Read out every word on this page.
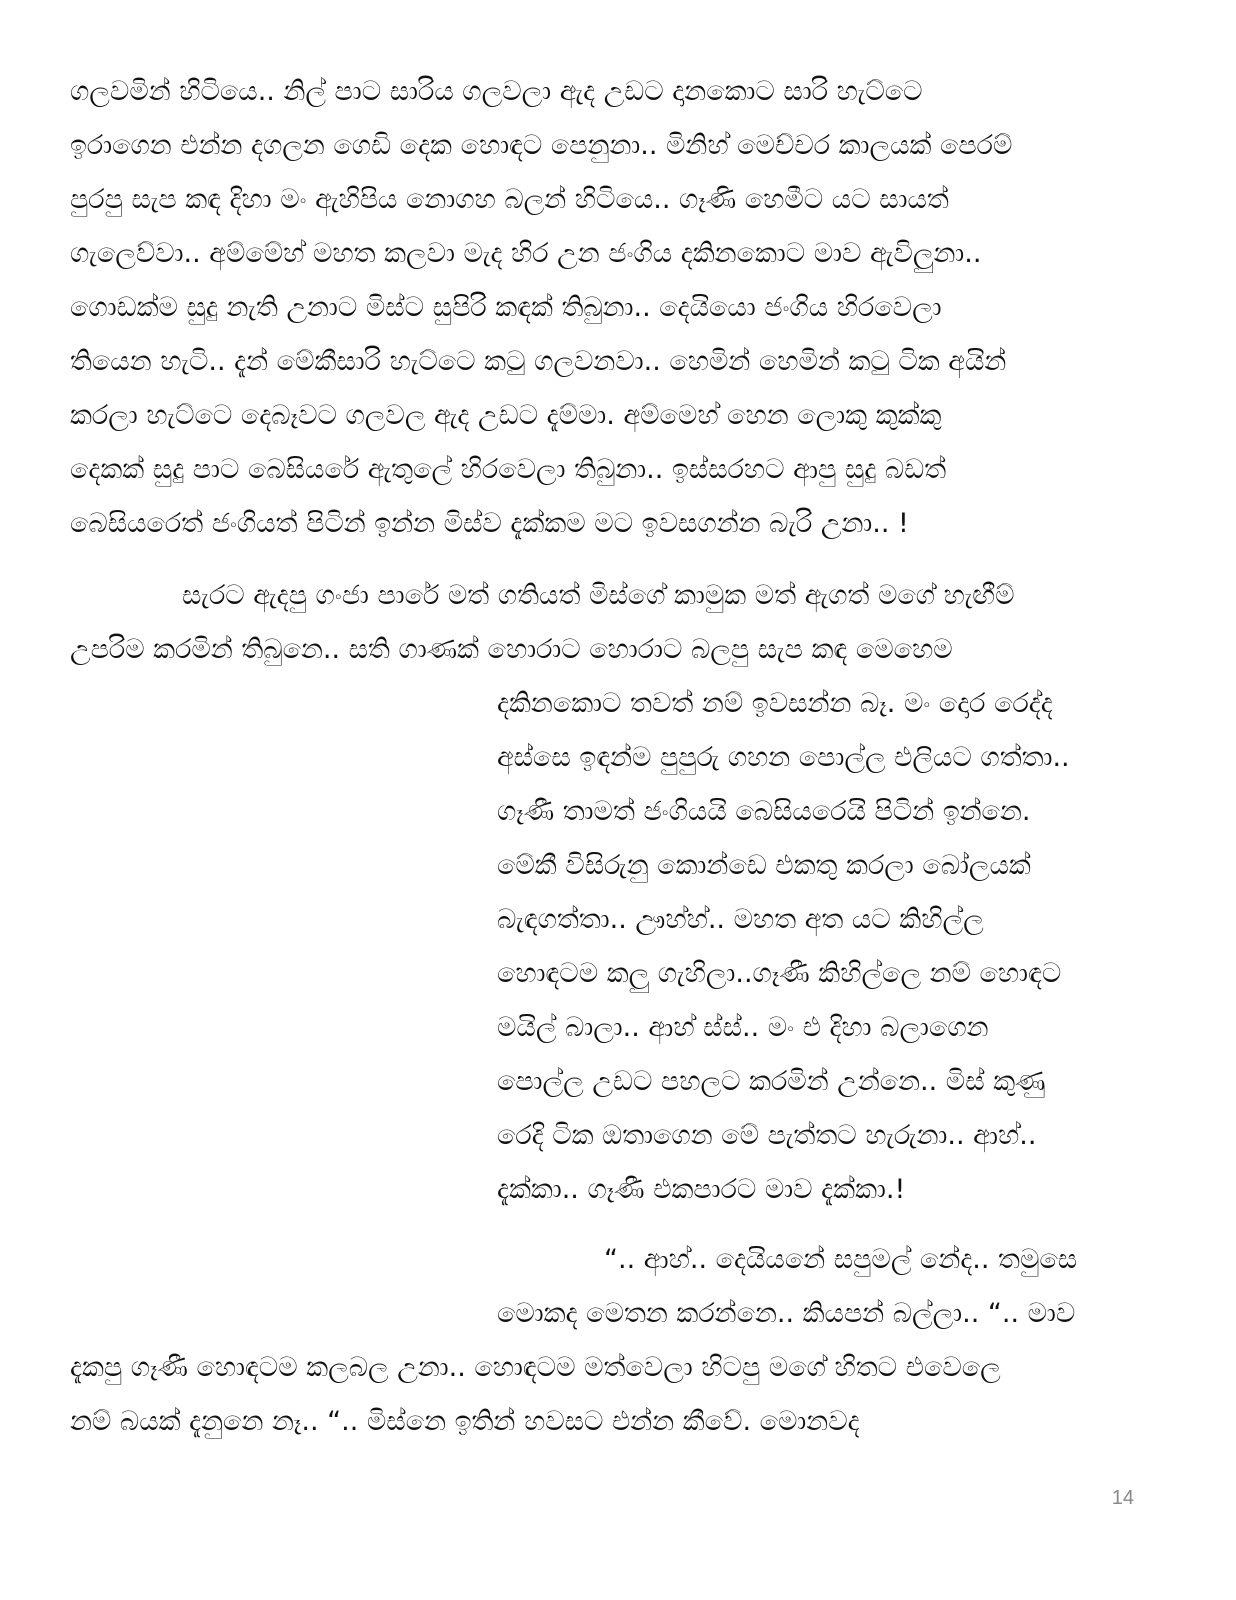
ගලවමින් හිටියෙ.. නිල් පාට සාරිය ගලවලා ඇද උඩට දානකොට සාරි හැට්ටෙ
ඉරාගෙන එන්න දගලන ගෙඩි දෙක හොඳට පෙනුනා.. මිනිහ් මෙච්චර කාලයක් පෙරම්
පුරපු සැප කඳ දිහා මං ඇහිපිය නොගහ බලන් හිටියෙ.. ගෑණි හෙමීට යට සායත්
ගැලෙව්වා.. අම්මේහ් මහත කලවා මැද හිර උන ජංගිය දකිනකොට මාව ඇවිලුනා..
ගොඩක්ම සුදු නැති උනාට මිස්ට සුපිරි කඳක් තිබුනා.. දෙයියො ජංගිය හිරවෙලා
තියෙන හැටි.. දැන් මේකීසාරි හැට්ටෙ කටු ගලවනවා.. හෙමින් හෙමින් කටු ටික අයින්
කරලා හැට්ටෙ දෙබෑවට ගලවල ඇද උඩට දැම්මා. අම්මෙහ් හෙන ලොකු කුක්කු
දෙකක් සුදු පාට බෙසියරේ ඇතුලේ හිරවෙලා තිබුනා.. ඉස්සරහට ආපු සුදු බඩත්
බෙසියරෙත් ජංගියත් පිටින් ඉන්න මිස්ව දැක්කම මට ඉවසගන්න බැරි උනා.. !
සැරට ඇදපු ගංජා පාරේ මත් ගතියත් මිස්ගේ කාමුක මත් ඇගත් මගේ හැඟීම්
උපරිම කරමින් තිබුනෙ.. සති ගාණක් හොරාට හොරාට බලපු සැප කඳ මෙහෙම
දකිනකොට තවත් නම් ඉවසන්න බෑ. මං දොර රෙද්ද
අස්සෙ ඉඳන්ම පුපුරු ගහන පොල්ල එලියට ගත්තා..
ගෑණී තාමත් ජංගියයි බෙසියරෙයි පිටින් ඉන්නෙ.
මේකී විසිරුනු කොන්ඩෙ එකතු කරලා බෝලයක්
බැඳගත්තා.. ඌහ්හ්.. මහත අත යට කිහිල්ල
හොඳටම කලු ගැහිලා..ගෑණී කිහිල්ලෙ නම් හොඳට
මයිල් බාලා.. ආහ් ස්ස්.. මං එ දිහා බලාගෙන
පොල්ල උඩට පහලට කරමින් උන්නෙ.. මිස් කුණු
රෙදි ටික ඔතාගෙන මේ පැත්තට හැරුනා.. ආහ්..
දැක්කා.. ගෑණී එකපාරට මාව දැක්කා.!
“.. ආහ්.. දෙයියනේ සපුමල් නේද.. තමුසෙ
මොකද මෙතන කරන්නෙ.. කියපන් බල්ලා.. “.. මාව
දැකපු ගෑණී හොඳටම කලබල උනා.. හොඳටම මත්වෙලා හිටපු මගේ හිතට එවෙලෙ
නම් බයක් දැනුනෙ නෑ.. “.. මිස්නෙ ඉතින් හවසට එන්න කීවේ. මොනවද
14
